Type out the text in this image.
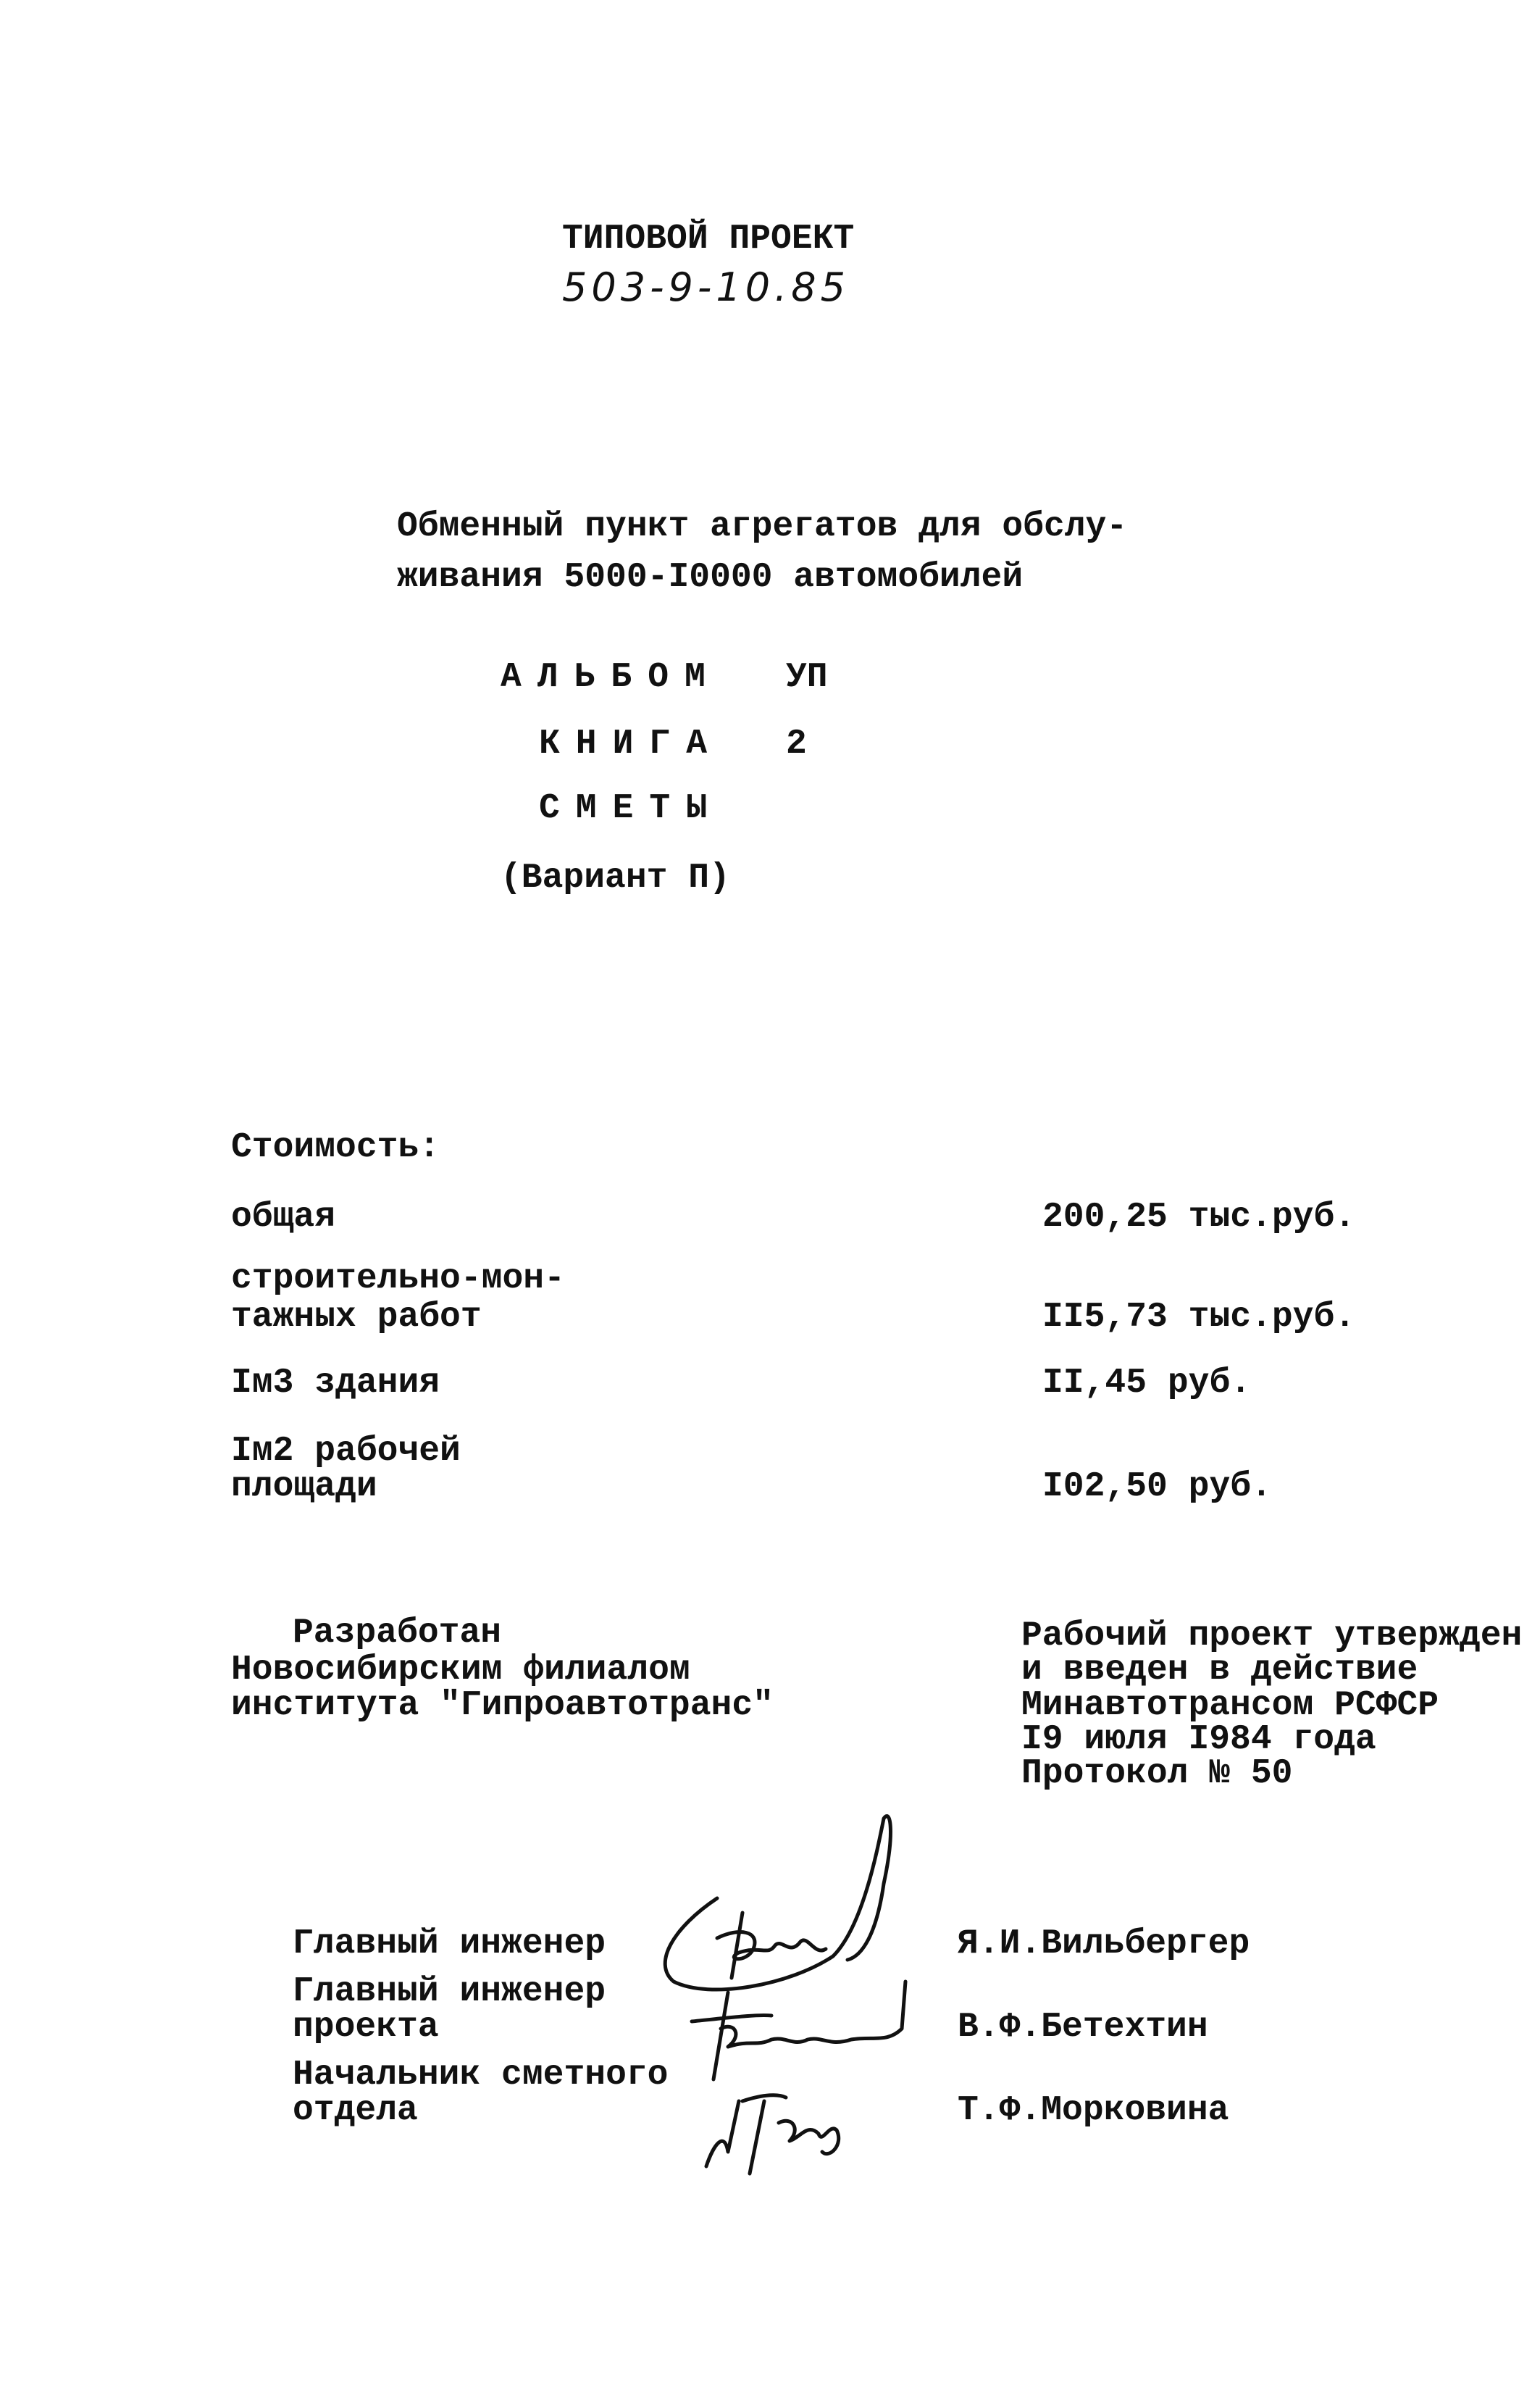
ТИПОВОЙ ПРОЕКТ
503-9-10.85
Обменный пункт агрегатов для обслу-
живания 5000-I0000 автомобилей
АЛЬБОМ УП
КНИГА 2
СМЕТЫ
(Вариант П)
Стоимость:
общая	200,25 тыс.руб.
строительно-мон-
тажных работ	II5,73 тыс.руб.
Iм3 здания	II,45 руб.
Iм2 рабочей
площади	I02,50 руб.
Разработан
Новосибирским филиалом
института "Гипроавтотранс"
Рабочий проект утвержден
и введен в действие
Минавтотрансом РСФСР
I9 июля I984 года
Протокол № 50
Главный инженер	Я.И.Вильбергер
Главный инженер
проекта	В.Ф.Бетехтин
Начальник сметного
отдела	Т.Ф.Морковина
